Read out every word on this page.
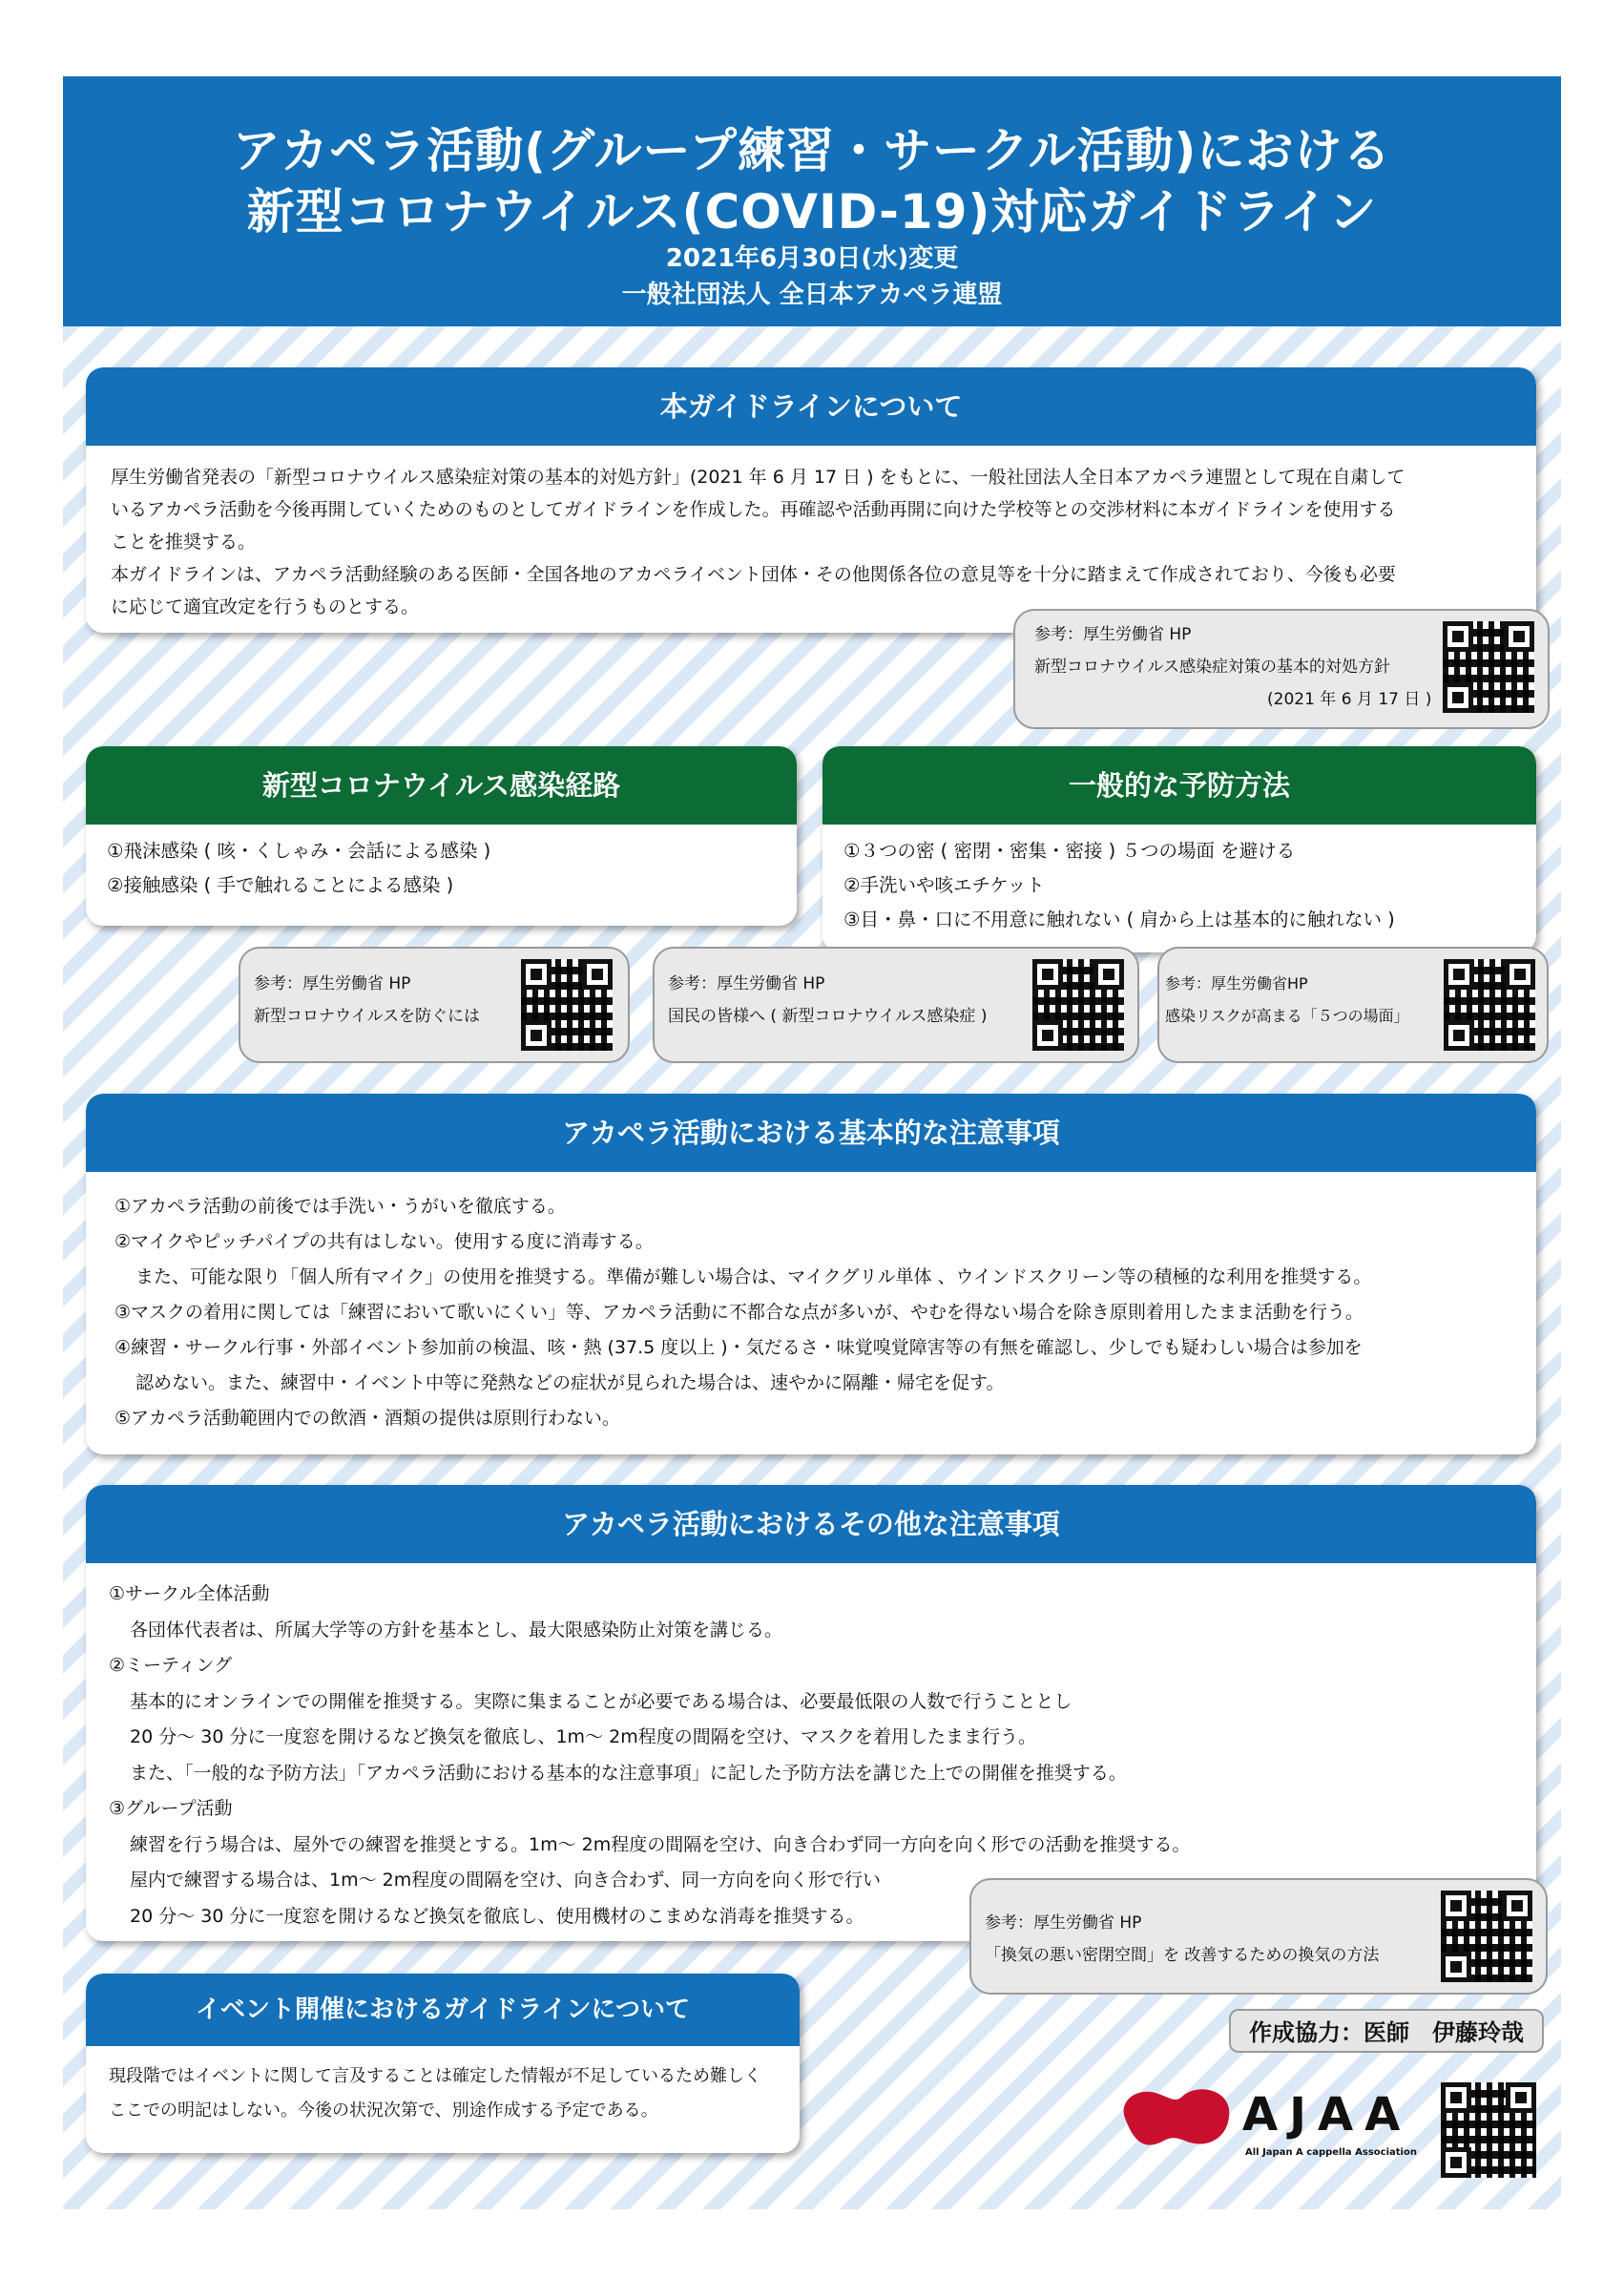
アカペラ活動(グループ練習・サークル活動)における
新型コロナウイルス(COVID-19)対応ガイドライン
2021年6月30日(水)変更
一般社団法人 全日本アカペラ連盟
本ガイドラインについて
厚生労働省発表の「新型コロナウイルス感染症対策の基本的対処方針」(2021 年 6 月 17 日 ) をもとに、一般社団法人全日本アカペラ連盟として現在自粛して
いるアカペラ活動を今後再開していくためのものとしてガイドラインを作成した。再確認や活動再開に向けた学校等との交渉材料に本ガイドラインを使用する
ことを推奨する。
本ガイドラインは、アカペラ活動経験のある医師・全国各地のアカペライベント団体・その他関係各位の意見等を十分に踏まえて作成されており、今後も必要
に応じて適宜改定を行うものとする。
参考：厚生労働省 HP
新型コロナウイルス感染症対策の基本的対処方針
(2021 年 6 月 17 日 )
新型コロナウイルス感染経路
①飛沫感染 ( 咳・くしゃみ・会話による感染 )
②接触感染 ( 手で触れることによる感染 )
一般的な予防方法
①３つの密 ( 密閉・密集・密接 ) ５つの場面 を避ける
②手洗いや咳エチケット
③目・鼻・口に不用意に触れない ( 肩から上は基本的に触れない )
参考：厚生労働省 HP
新型コロナウイルスを防ぐには
参考：厚生労働省 HP
国民の皆様へ ( 新型コロナウイルス感染症 )
参考：厚生労働省HP
感染リスクが高まる「５つの場面」
アカペラ活動における基本的な注意事項
①アカペラ活動の前後では手洗い・うがいを徹底する。
②マイクやピッチパイプの共有はしない。使用する度に消毒する。
また、可能な限り「個人所有マイク」の使用を推奨する。準備が難しい場合は、マイクグリル単体 、ウインドスクリーン等の積極的な利用を推奨する。
③マスクの着用に関しては「練習において歌いにくい」等、アカペラ活動に不都合な点が多いが、やむを得ない場合を除き原則着用したまま活動を行う。
④練習・サークル行事・外部イベント参加前の検温、咳・熱 (37.5 度以上 )・気だるさ・味覚嗅覚障害等の有無を確認し、少しでも疑わしい場合は参加を
認めない。また、練習中・イベント中等に発熱などの症状が見られた場合は、速やかに隔離・帰宅を促す。
⑤アカペラ活動範囲内での飲酒・酒類の提供は原則行わない。
アカペラ活動におけるその他な注意事項
①サークル全体活動
各団体代表者は、所属大学等の方針を基本とし、最大限感染防止対策を講じる。
②ミーティング
基本的にオンラインでの開催を推奨する。実際に集まることが必要である場合は、必要最低限の人数で行うこととし
20 分～ 30 分に一度窓を開けるなど換気を徹底し、1m～ 2m程度の間隔を空け、マスクを着用したまま行う。
また、「一般的な予防方法」「アカペラ活動における基本的な注意事項」に記した予防方法を講じた上での開催を推奨する。
③グループ活動
練習を行う場合は、屋外での練習を推奨とする。1m～ 2m程度の間隔を空け、向き合わず同一方向を向く形での活動を推奨する。
屋内で練習する場合は、1m～ 2m程度の間隔を空け、向き合わず、同一方向を向く形で行い
20 分～ 30 分に一度窓を開けるなど換気を徹底し、使用機材のこまめな消毒を推奨する。	参考：厚生労働省 HP
「換気の悪い密閉空間」を 改善するための換気の方法
イベント開催におけるガイドラインについて
現段階ではイベントに関して言及することは確定した情報が不足しているため難しく
ここでの明記はしない。今後の状況次第で、別途作成する予定である。
作成協力：医師　伊藤玲哉
AJAA
All Japan A cappella Association
